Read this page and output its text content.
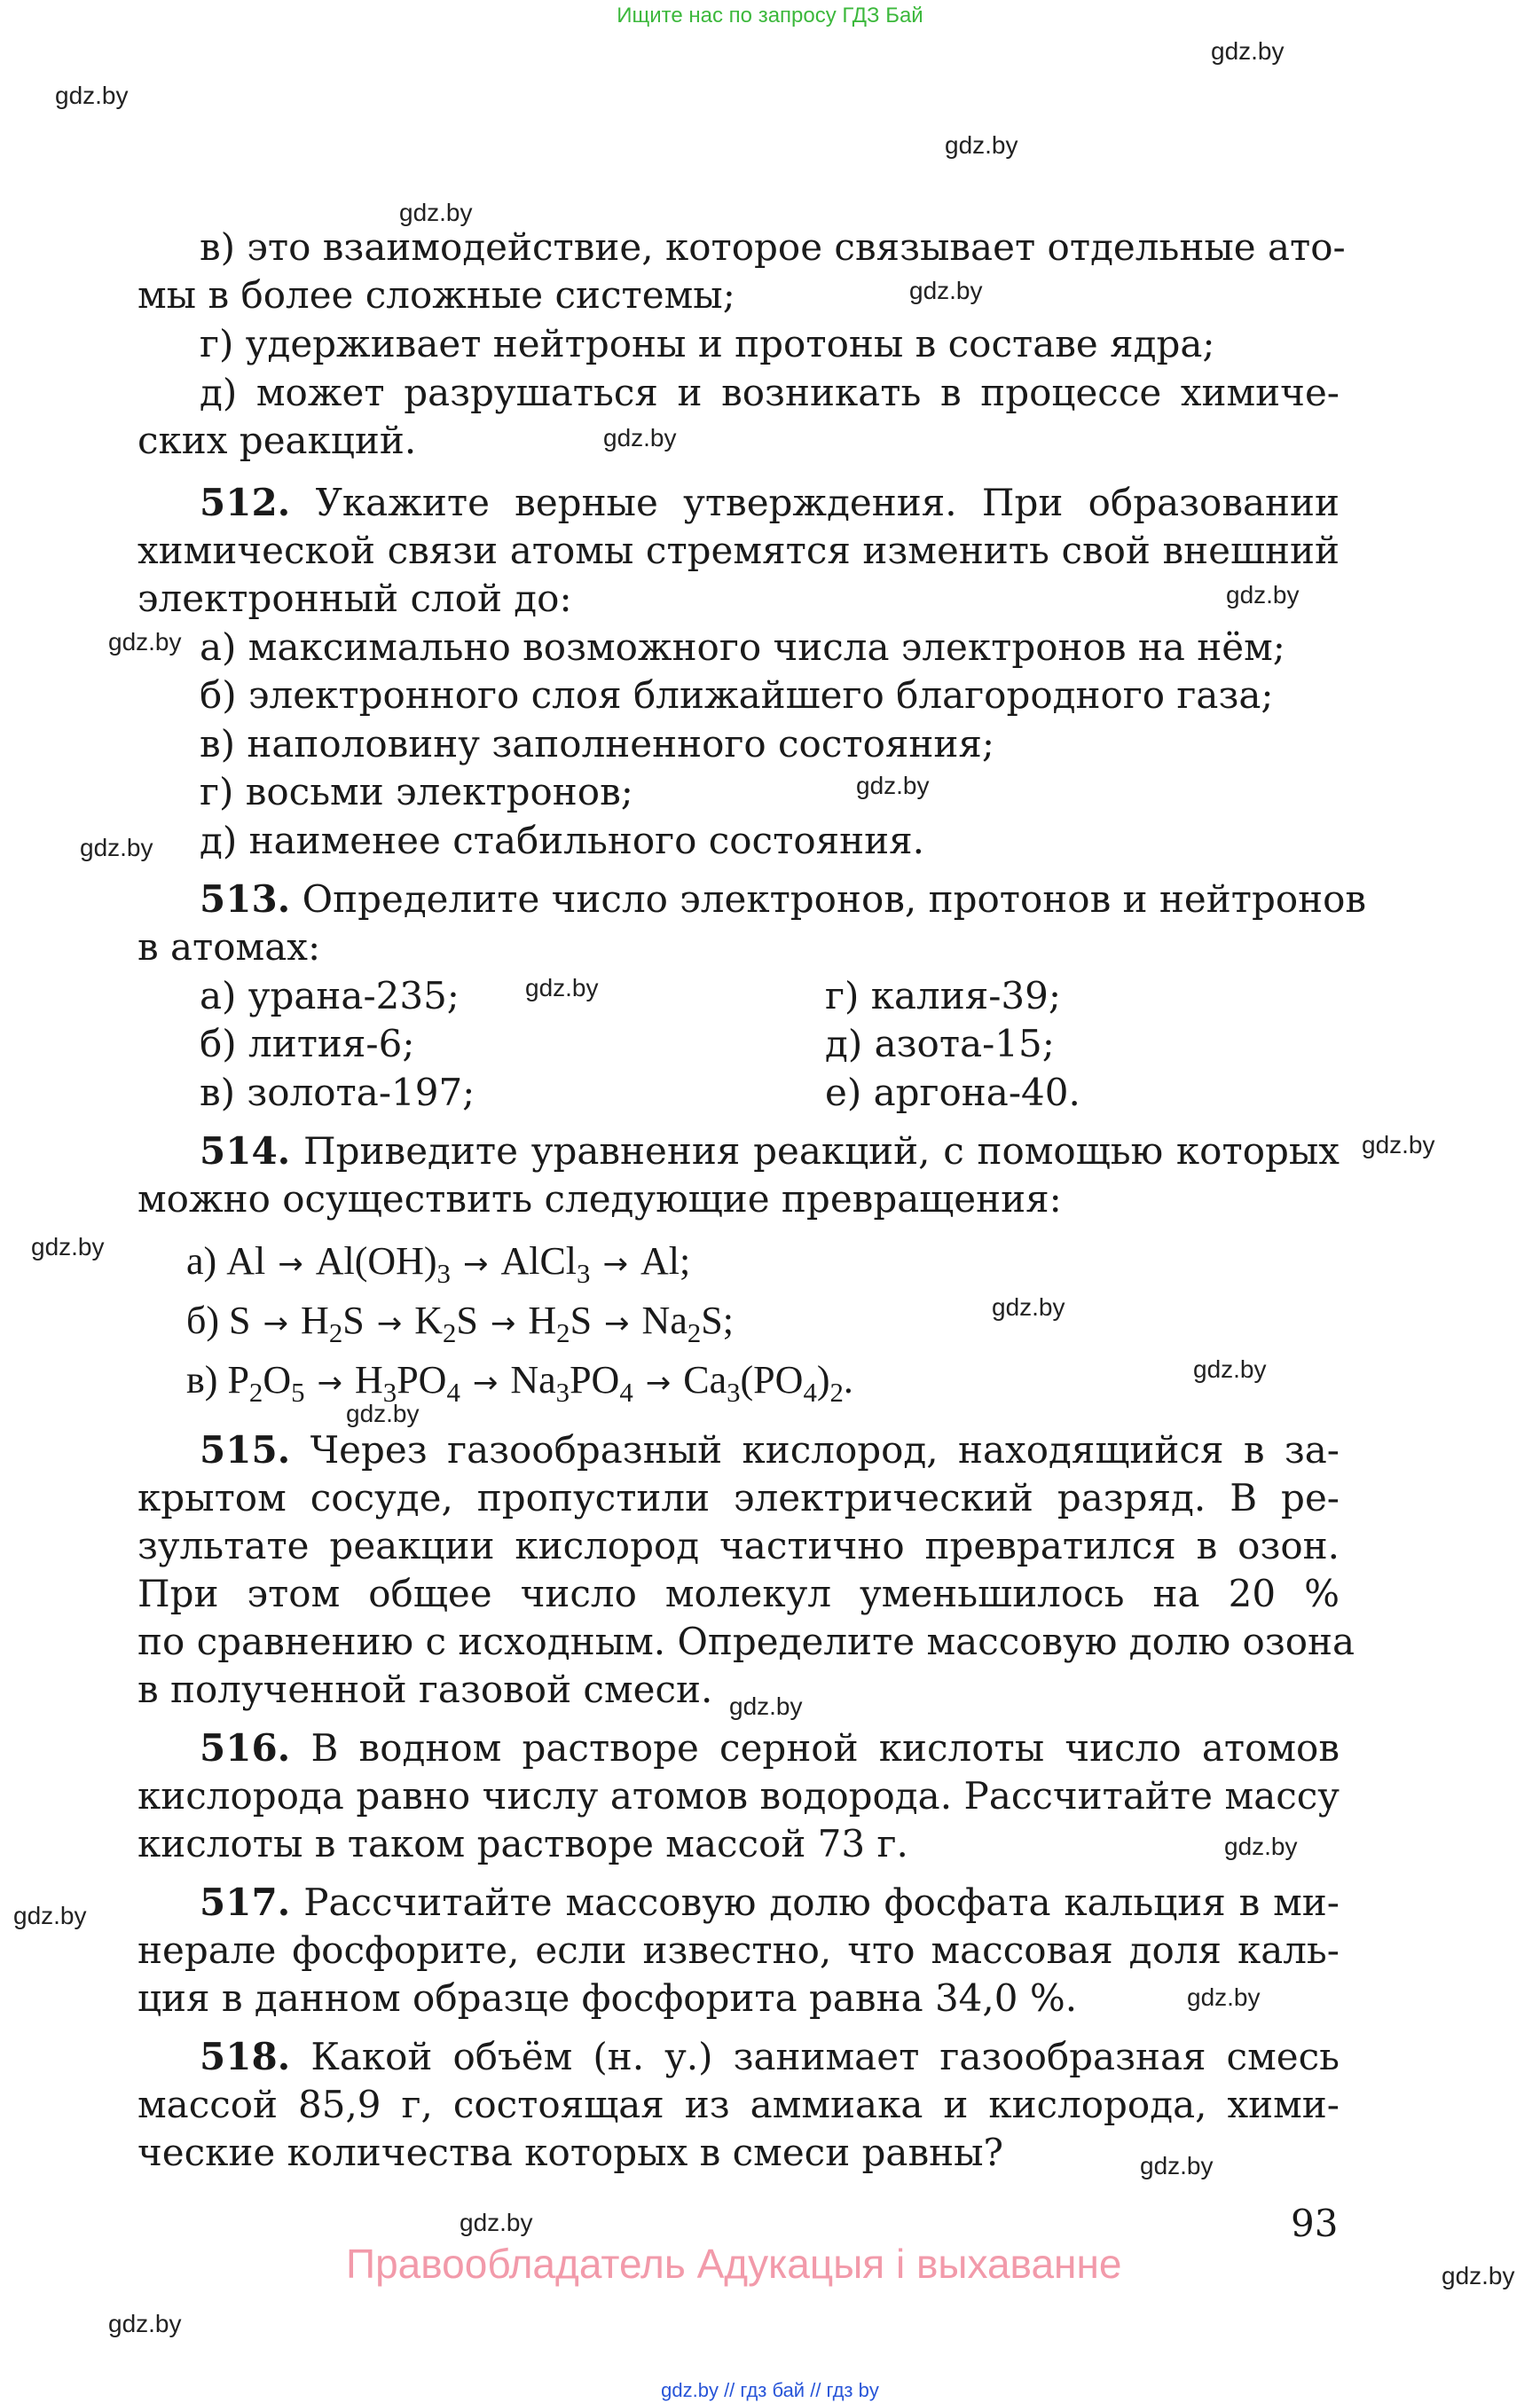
Ищите нас по запросу ГДЗ Бай
в) это взаимодействие, которое связывает отдельные ато-
мы в более сложные системы;
г) удерживает нейтроны и протоны в составе ядра;
д) может разрушаться и возникать в процессе химиче-
ских реакций.
512. Укажите верные утверждения. При образовании
химической связи атомы стремятся изменить свой внешний
электронный слой до:
а) максимально возможного числа электронов на нём;
б) электронного слоя ближайшего благородного газа;
в) наполовину заполненного состояния;
г) восьми электронов;
д) наименее стабильного состояния.
513. Определите число электронов, протонов и нейтронов
в атомах:
а) урана-235;
б) лития-6;
в) золота-197;
г) калия-39;
д) азота-15;
е) аргона-40.
514. Приведите уравнения реакций, с помощью которых
можно осуществить следующие превращения:
а) $Al \to Al(OH)_3$ → AlCl$_3$ → Al;
б) $S \to H_2S \to K_2S \to H_2S \to Na_2S$;
в) $P_2O_5 \to H_3PO_4 \to Na_3PO_4 \to Ca_3(PO_4)_2$.
515. Через газообразный кислород, находящийся в за-
крытом сосуде, пропустили электрический разряд. В ре-
зультате реакции кислород частично превратился в озон.
При этом общее число молекул уменьшилось на 20 %
по сравнению с исходным. Определите массовую долю озона
в полученной газовой смеси.
516. В водном растворе серной кислоты число атомов
кислорода равно числу атомов водорода. Рассчитайте массу
кислоты в таком растворе массой 73 г.
517. Рассчитайте массовую долю фосфата кальция в ми-
нерале фосфорите, если известно, что массовая доля каль-
ция в данном образце фосфорита равна 34,0 %.
518. Какой объём (н. у.) занимает газообразная смесь
массой 85,9 г, состоящая из аммиака и кислорода, хими-
ческие количества которых в смеси равны?
93
Правообладатель Адукацыя і выхаванне
gdz.by
gdz.by
gdz.by
gdz.by
gdz.by
gdz.by
gdz.by
gdz.by
gdz.by
gdz.by
gdz.by
gdz.by
gdz.by
gdz.by
gdz.by
gdz.by
gdz.by
gdz.by
gdz.by
gdz.by
gdz.by
gdz.by
gdz.by
gdz.by
gdz.by // гдз бай // гдз by
